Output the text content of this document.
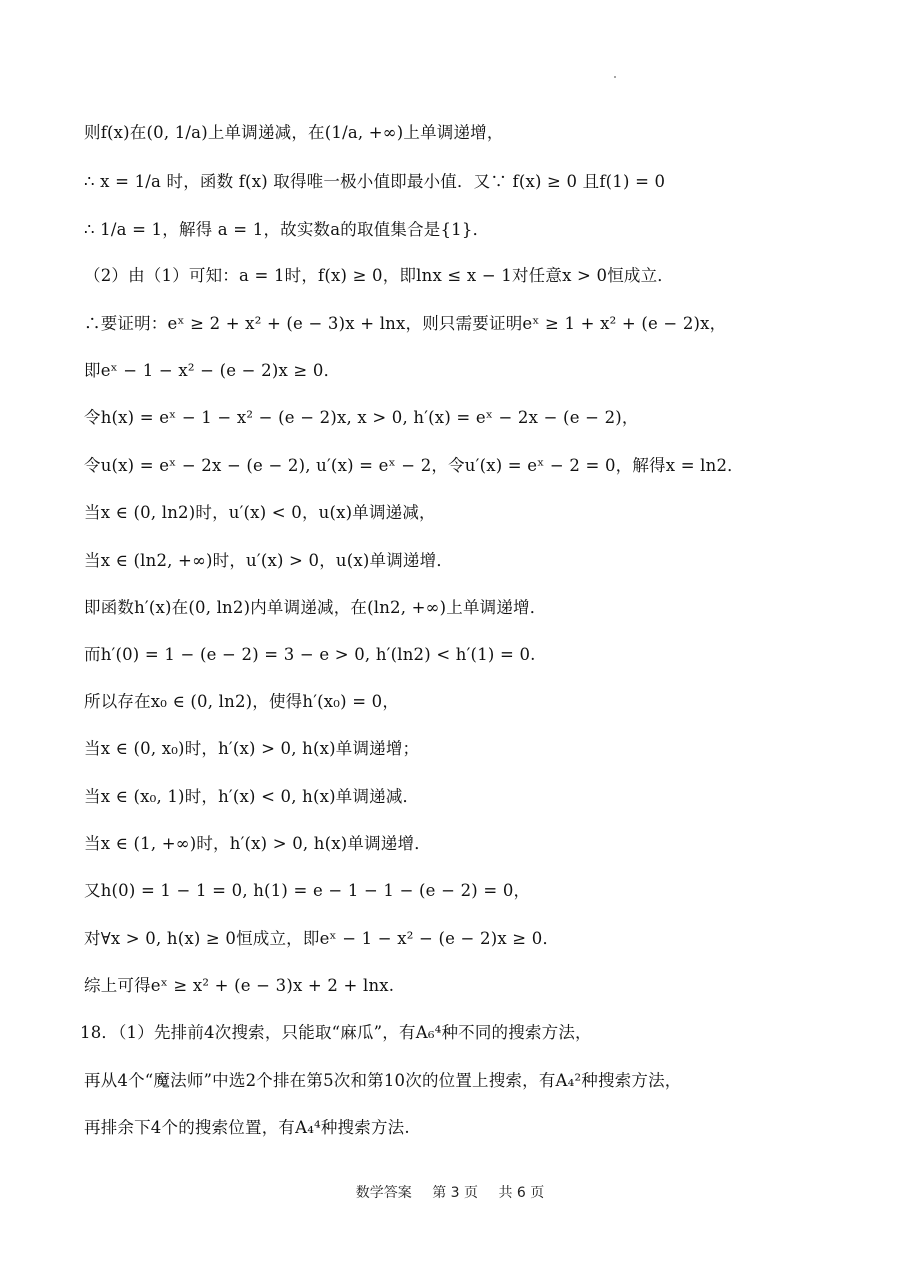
则f(x)在(0, 1/a)上单调递减，在(1/a, +∞)上单调递增，
∴ x = 1/a 时，函数 f(x) 取得唯一极小值即最小值．又∵ f(x) ≥ 0 且f(1) = 0
∴ 1/a = 1，解得 a = 1，故实数a的取值集合是{1}．
（2）由（1）可知：a = 1时，f(x) ≥ 0，即lnx ≤ x − 1对任意x > 0恒成立．
∴要证明：eˣ ≥ 2 + x² + (e − 3)x + lnx，则只需要证明eˣ ≥ 1 + x² + (e − 2)x，
即eˣ − 1 − x² − (e − 2)x ≥ 0．
令h(x) = eˣ − 1 − x² − (e − 2)x, x > 0, h′(x) = eˣ − 2x − (e − 2)，
令u(x) = eˣ − 2x − (e − 2), u′(x) = eˣ − 2，令u′(x) = eˣ − 2 = 0，解得x = ln2．
当x ∈ (0, ln2)时，u′(x) < 0，u(x)单调递减，
当x ∈ (ln2, +∞)时，u′(x) > 0，u(x)单调递增．
即函数h′(x)在(0, ln2)内单调递减，在(ln2, +∞)上单调递增．
而h′(0) = 1 − (e − 2) = 3 − e > 0, h′(ln2) < h′(1) = 0.
所以存在x₀ ∈ (0, ln2)，使得h′(x₀) = 0，
当x ∈ (0, x₀)时，h′(x) > 0, h(x)单调递增；
当x ∈ (x₀, 1)时，h′(x) < 0, h(x)单调递减．
当x ∈ (1, +∞)时，h′(x) > 0, h(x)单调递增．
又h(0) = 1 − 1 = 0, h(1) = e − 1 − 1 − (e − 2) = 0，
对∀x > 0, h(x) ≥ 0恒成立，即eˣ − 1 − x² − (e − 2)x ≥ 0．
综上可得eˣ ≥ x² + (e − 3)x + 2 + lnx.
18．（1）先排前4次搜索，只能取“麻瓜”，有A₆⁴种不同的搜索方法，
再从4个“魔法师”中选2个排在第5次和第10次的位置上搜索，有A₄²种搜索方法，
再排余下4个的搜索位置，有A₄⁴种搜索方法.
数学答案 第 3 页 共 6 页
